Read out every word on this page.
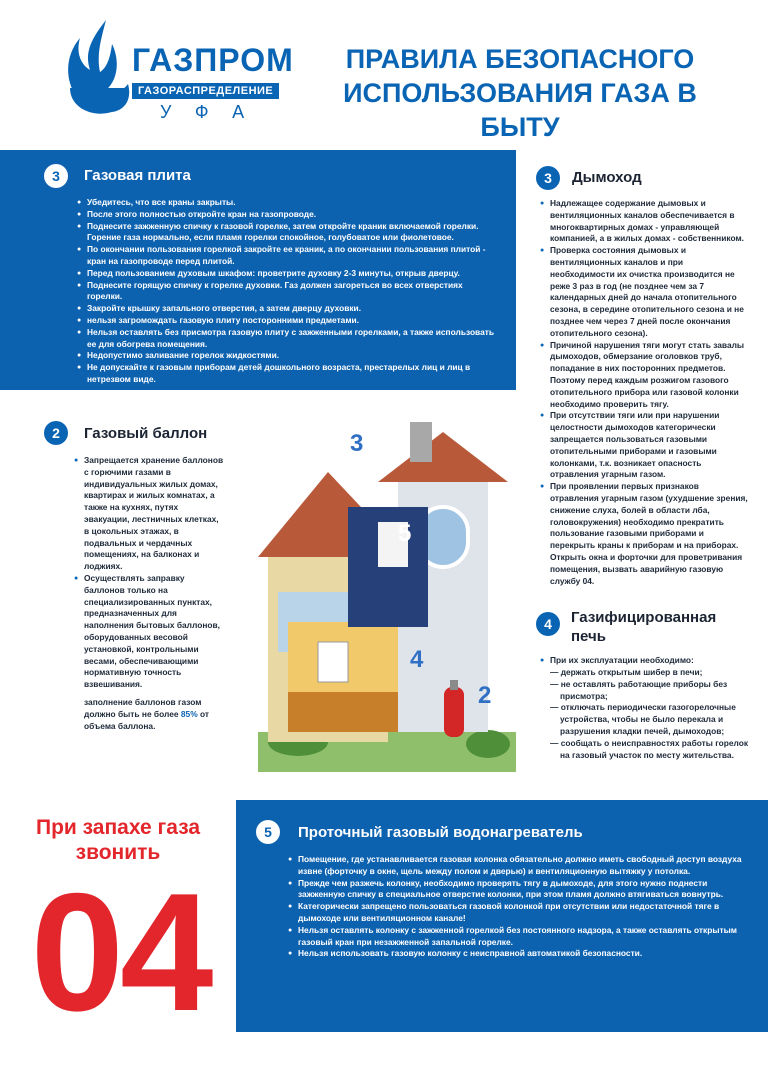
ГАЗПРОМ
ГАЗОРАСПРЕДЕЛЕНИЕ
УФА
ПРАВИЛА БЕЗОПАСНОГО
ИСПОЛЬЗОВАНИЯ ГАЗА В БЫТУ
3	Газовая плита
● Убедитесь, что все краны закрыты.
● После этого полностью откройте кран на газопроводе.
● Поднесите зажженную спичку к газовой горелке, затем откройте краник включаемой горелки. Горение газа нормально, если пламя горелки спокойное, голубоватое или фиолетовое.
● По окончании пользования горелкой закройте ее краник, а по окончании пользования плитой - кран на газопроводе перед плитой.
● Перед пользованием духовым шкафом: проветрите духовку 2-3 минуты, открыв дверцу.
● Поднесите горящую спичку к горелке духовки. Газ должен загореться во всех отверстиях горелки.
● Закройте крышку запального отверстия, а затем дверцу духовки.
● нельзя загромождать газовую плиту посторонними предметами.
● Нельзя оставлять без присмотра газовую плиту с зажженными горелками, а также использовать ее для обогрева помещения.
● Недопустимо заливание горелок жидкостями.
● Не допускайте к газовым приборам детей дошкольного возраста, престарелых лиц и лиц в нетрезвом виде.
3	Дымоход
● Надлежащее содержание дымовых и вентиляционных каналов обеспечивается в многоквартирных домах - управляющей компанией, а в жилых домах - собственником.
● Проверка состояния дымовых и вентиляционных каналов и при необходимости их очистка производится не реже 3 раз в год (не позднее чем за 7 календарных дней до начала отопительного сезона, в середине отопительного сезона и не позднее чем через 7 дней после окончания отопительного сезона).
● Причиной нарушения тяги могут стать завалы дымоходов, обмерзание оголовков труб, попадание в них посторонних предметов. Поэтому перед каждым розжигом газового отопительного прибора или газовой колонки необходимо проверить тягу.
● При отсутствии тяги или при нарушении целостности дымоходов категорически запрещается пользоваться газовыми отопительными приборами и газовыми колонками, т.к. возникает опасность отравления угарным газом.
● При проявлении первых признаков отравления угарным газом (ухудшение зрения, снижение слуха, болей в области лба, головокружения) необходимо прекратить пользование газовыми приборами и перекрыть краны к приборам и на приборах. Открыть окна и форточки для проветривания помещения, вызвать аварийную газовую службу 04.
2	Газовый баллон
● Запрещается хранение баллонов с горючими газами в индивидуальных жилых домах, квартирах и жилых комнатах, а также на кухнях, путях эвакуации, лестничных клетках, в цокольных этажах, в подвальных и чердачных помещениях, на балконах и лоджиях.
● Осуществлять заправку баллонов только на специализированных пунктах, предназначенных для наполнения бытовых баллонов, оборудованных весовой установкой, контрольными весами, обеспечивающими нормативную точность взвешивания.
заполнение баллонов газом должно быть не более 85% от объема баллона.
3
5
1	4
2
4	Газифицированная
печь
● При их эксплуатации необходимо:
— держать открытым шибер в печи;
— не оставлять работающие приборы без присмотра;
— отключать периодически газогорелочные устройства, чтобы не было перекала и разрушения кладки печей, дымоходов;
— сообщать о неисправностях работы горелок на газовый участок по месту жительства.
При запахе газа
звонить
04
5	Проточный газовый водонагреватель
● Помещение, где устанавливается газовая колонка обязательно должно иметь свободный доступ воздуха извне (форточку в окне, щель между полом и дверью) и вентиляционную вытяжку у потолка.
● Прежде чем разжечь колонку, необходимо проверять тягу в дымоходе, для этого нужно поднести зажженную спичку в специальное отверстие колонки, при этом пламя должно втягиваться вовнутрь.
● Категорически запрещено пользоваться газовой колонкой при отсутствии или недостаточной тяге в дымоходе или вентиляционном канале!
● Нельзя оставлять колонку с зажженной горелкой без постоянного надзора, а также оставлять открытым газовый кран при незажженной запальной горелке.
● Нельзя использовать газовую колонку с неисправной автоматикой безопасности.
